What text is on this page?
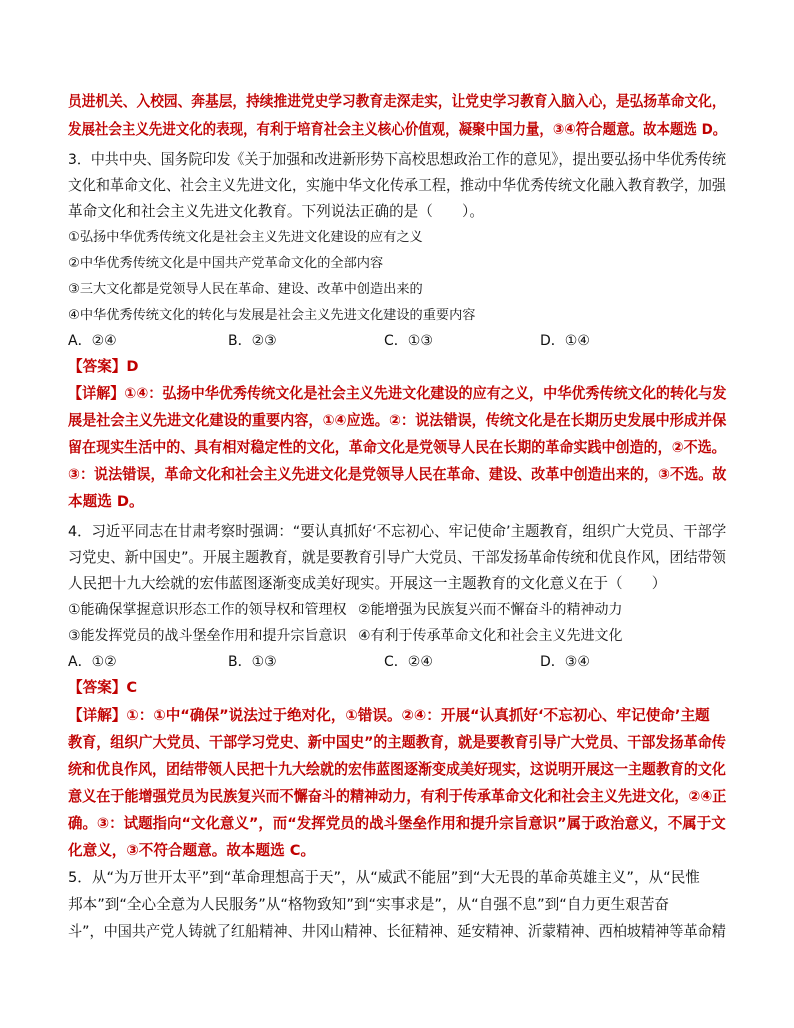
员进机关、入校园、奔基层，持续推进党史学习教育走深走实，让党史学习教育入脑入心，是弘扬革命文化，
发展社会主义先进文化的表现，有利于培育社会主义核心价值观，凝聚中国力量，③④符合题意。故本题选 D。
3．中共中央、国务院印发《关于加强和改进新形势下高校思想政治工作的意见》，提出要弘扬中华优秀传统
文化和革命文化、社会主义先进文化，实施中华文化传承工程，推动中华优秀传统文化融入教育教学，加强
革命文化和社会主义先进文化教育。下列说法正确的是（　　）。
①弘扬中华优秀传统文化是社会主义先进文化建设的应有之义
②中华优秀传统文化是中国共产党革命文化的全部内容
③三大文化都是党领导人民在革命、建设、改革中创造出来的
④中华优秀传统文化的转化与发展是社会主义先进文化建设的重要内容
A．②④	B．②③	C．①③	D．①④
【答案】D
【详解】①④：弘扬中华优秀传统文化是社会主义先进文化建设的应有之义，中华优秀传统文化的转化与发
展是社会主义先进文化建设的重要内容，①④应选。②：说法错误，传统文化是在长期历史发展中形成并保
留在现实生活中的、具有相对稳定性的文化，革命文化是党领导人民在长期的革命实践中创造的，②不选。
③：说法错误，革命文化和社会主义先进文化是党领导人民在革命、建设、改革中创造出来的，③不选。故
本题选 D。
4．习近平同志在甘肃考察时强调：“要认真抓好‘不忘初心、牢记使命’主题教育，组织广大党员、干部学
习党史、新中国史”。开展主题教育，就是要教育引导广大党员、干部发扬革命传统和优良作风，团结带领
人民把十九大绘就的宏伟蓝图逐渐变成美好现实。开展这一主题教育的文化意义在于（　　）
①能确保掌握意识形态工作的领导权和管理权 ②能增强为民族复兴而不懈奋斗的精神动力
③能发挥党员的战斗堡垒作用和提升宗旨意识 ④有利于传承革命文化和社会主义先进文化
A．①②	B．①③	C．②④	D．③④
【答案】C
【详解】①：①中“确保”说法过于绝对化，①错误。②④：开展“认真抓好‘不忘初心、牢记使命’主题
教育，组织广大党员、干部学习党史、新中国史”的主题教育，就是要教育引导广大党员、干部发扬革命传
统和优良作风，团结带领人民把十九大绘就的宏伟蓝图逐渐变成美好现实，这说明开展这一主题教育的文化
意义在于能增强党员为民族复兴而不懈奋斗的精神动力，有利于传承革命文化和社会主义先进文化，②④正
确。③：试题指向“文化意义”，而“发挥党员的战斗堡垒作用和提升宗旨意识”属于政治意义，不属于文
化意义，③不符合题意。故本题选 C。
5．从“为万世开太平”到“革命理想高于天”，从“威武不能屈”到“大无畏的革命英雄主义”，从“民惟
邦本”到“全心全意为人民服务”从“格物致知”到“实事求是”，从“自强不息”到“自力更生艰苦奋
斗”，中国共产党人铸就了红船精神、井冈山精神、长征精神、延安精神、沂蒙精神、西柏坡精神等革命精
